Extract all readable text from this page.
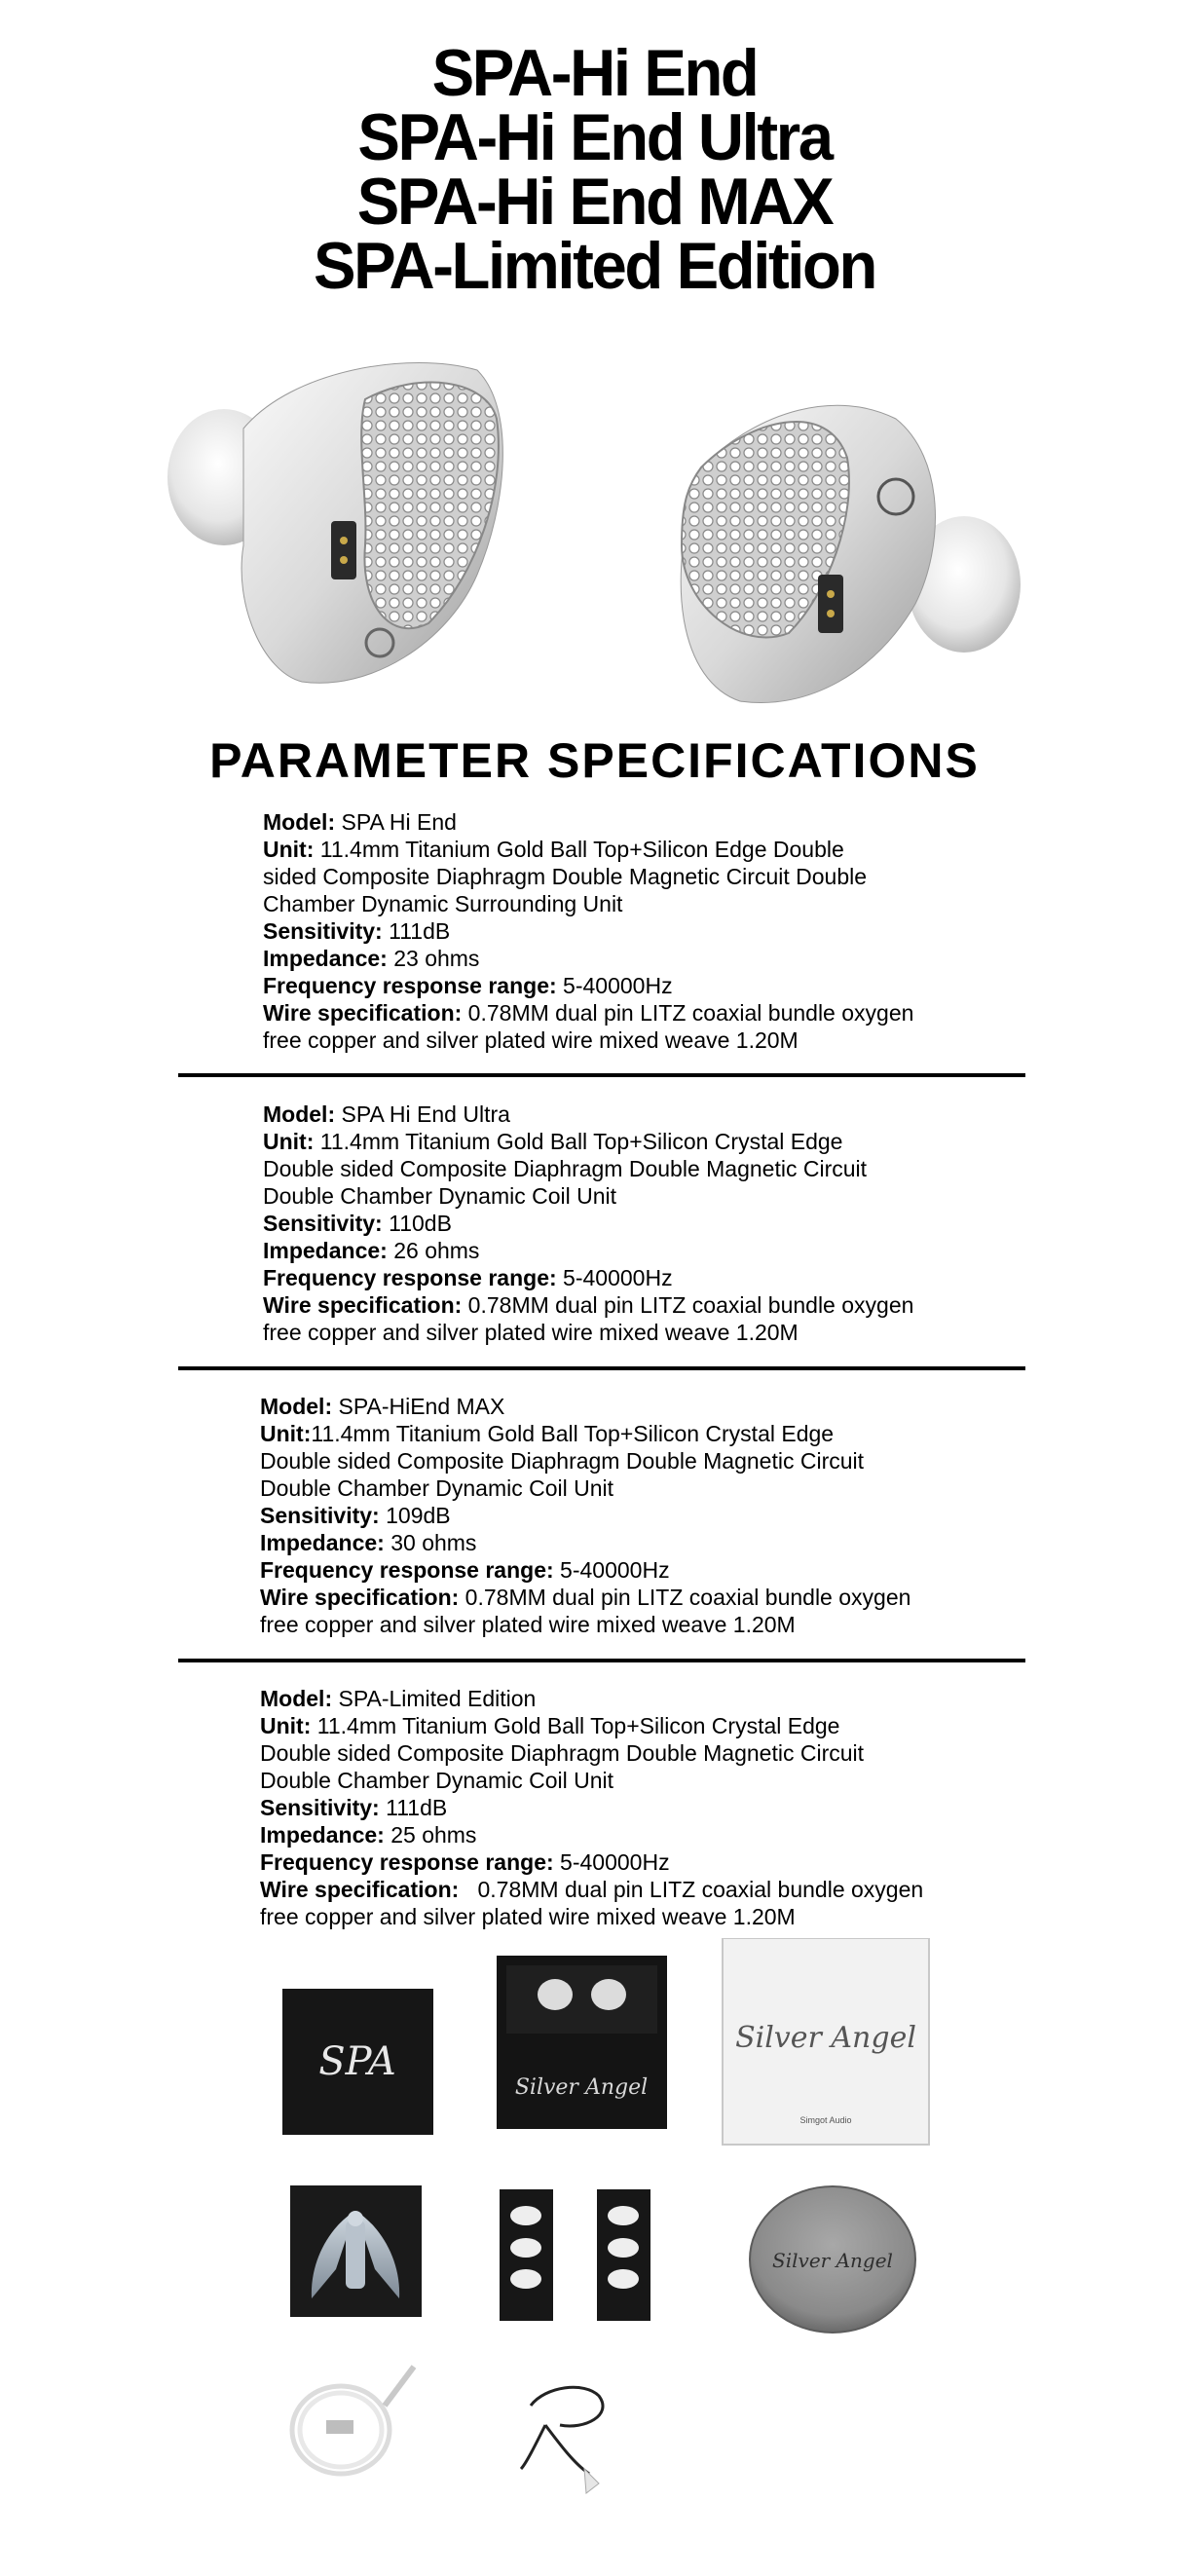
SPA-Hi End
SPA-Hi End Ultra
SPA-Hi End MAX
SPA-Limited Edition
PARAMETER SPECIFICATIONS
Model: SPA Hi End
Unit: 11.4mm Titanium Gold Ball Top+Silicon Edge Double
sided Composite Diaphragm Double Magnetic Circuit Double
Chamber Dynamic Surrounding Unit
Sensitivity: 111dB
Impedance: 23 ohms
Frequency response range: 5-40000Hz
Wire specification: 0.78MM dual pin LITZ coaxial bundle oxygen
free copper and silver plated wire mixed weave 1.20M
Model: SPA Hi End Ultra
Unit: 11.4mm Titanium Gold Ball Top+Silicon Crystal Edge
Double sided Composite Diaphragm Double Magnetic Circuit
Double Chamber Dynamic Coil Unit
Sensitivity: 110dB
Impedance: 26 ohms
Frequency response range: 5-40000Hz
Wire specification: 0.78MM dual pin LITZ coaxial bundle oxygen
free copper and silver plated wire mixed weave 1.20M
Model: SPA-HiEnd MAX
Unit:11.4mm Titanium Gold Ball Top+Silicon Crystal Edge
Double sided Composite Diaphragm Double Magnetic Circuit
Double Chamber Dynamic Coil Unit
Sensitivity: 109dB
Impedance: 30 ohms
Frequency response range: 5-40000Hz
Wire specification: 0.78MM dual pin LITZ coaxial bundle oxygen
free copper and silver plated wire mixed weave 1.20M
Model: SPA-Limited Edition
Unit: 11.4mm Titanium Gold Ball Top+Silicon Crystal Edge
Double sided Composite Diaphragm Double Magnetic Circuit
Double Chamber Dynamic Coil Unit
Sensitivity: 111dB
Impedance: 25 ohms
Frequency response range: 5-40000Hz
Wire specification:   0.78MM dual pin LITZ coaxial bundle oxygen
free copper and silver plated wire mixed weave 1.20M
SPA
Silver Angel
Silver Angel
Simgot Audio
Silver Angel
